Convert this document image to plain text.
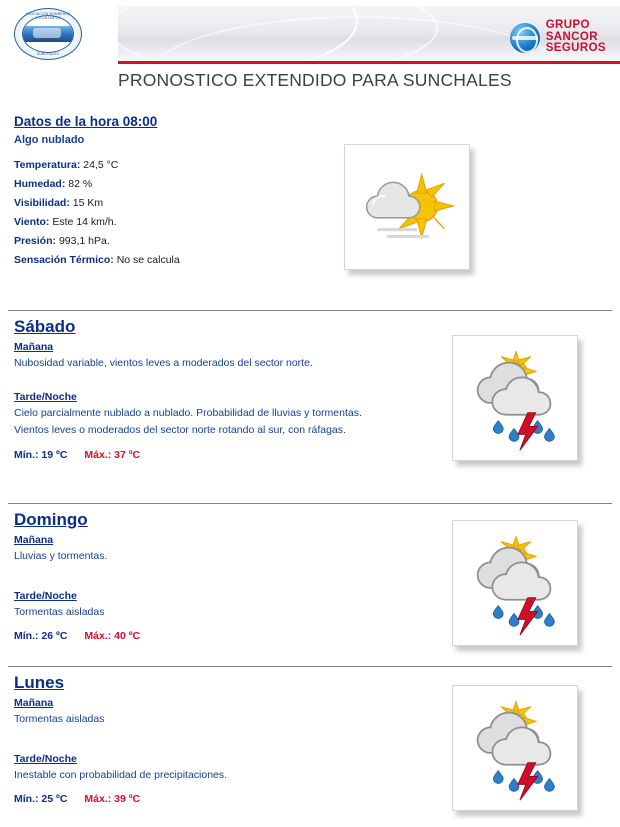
GRUPO
SANCOR
SEGUROS
ASOCIACION BOMBEROS VOLUNTARIOS
SUNCHALES
PRONOSTICO EXTENDIDO PARA SUNCHALES
Datos de la hora 08:00
Algo nublado
Temperatura: 24,5 °C
Humedad: 82 %
Visibilidad: 15 Km
Viento: Este 14 km/h.
Presión: 993,1 hPa.
Sensación Térmico: No se calcula
Sábado
Mañana
Nubosidad variable, vientos leves a moderados del sector norte.
Tarde/Noche
Cielo parcialmente nublado a nublado. Probabilidad de lluvias y tormentas.
Vientos leves o moderados del sector norte rotando al sur, con ráfagas.
Mín.: 19 ºC Máx.: 37 ºC
Domingo
Mañana
Lluvias y tormentas.
Tarde/Noche
Tormentas aisladas
Mín.: 26 ºC Máx.: 40 ºC
Lunes
Mañana
Tormentas aisladas
Tarde/Noche
Inestable con probabilidad de precipitaciones.
Mín.: 25 ºC Máx.: 39 ºC
